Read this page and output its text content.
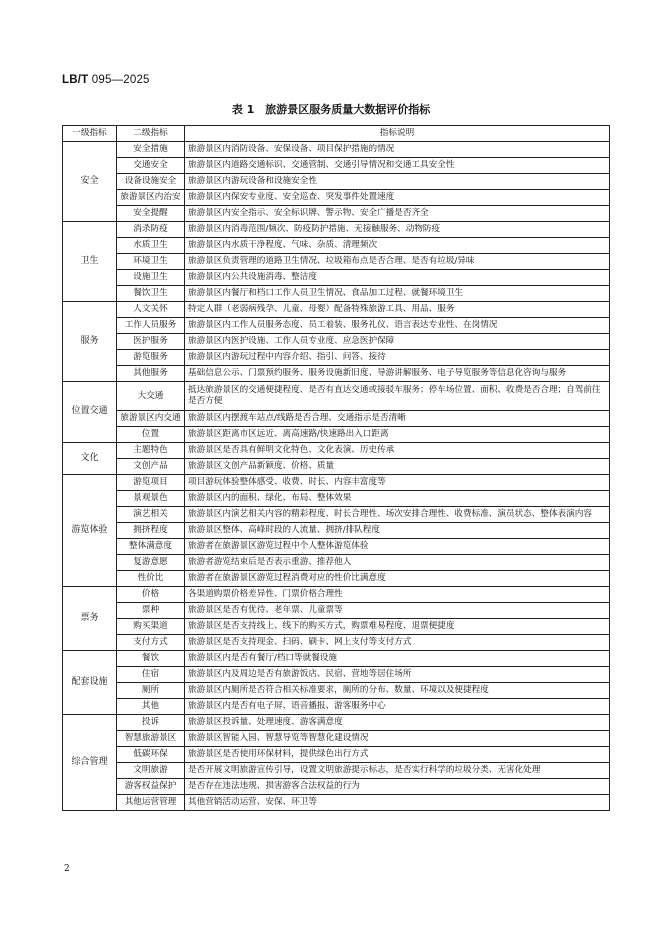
LB/T 095—2025
表 1　旅游景区服务质量大数据评价指标
一级指标	二级指标	指标说明
安全	安全措施	旅游景区内消防设备、安保设备、项目保护措施的情况
	交通安全	旅游景区内道路交通标识、交通管制、交通引导情况和交通工具安全性
	设备设施安全	旅游景区内游玩设备和设施安全性
	旅游景区内治安	旅游景区内保安专业度、安全巡查、突发事件处置速度
	安全提醒	旅游景区内安全指示、安全标识牌、警示物、安全广播是否齐全
卫生	消杀防疫	旅游景区内消毒范围/频次、防疫防护措施、无接触服务、动物防疫
	水质卫生	旅游景区内水质干净程度、气味、杂质、清理频次
	环境卫生	旅游景区负责管理的道路卫生情况、垃圾箱布点是否合理、是否有垃圾/异味
	设施卫生	旅游景区内公共设施消毒、整洁度
	餐饮卫生	旅游景区内餐厅和档口工作人员卫生情况、食品加工过程、就餐环境卫生
服务	人文关怀	特定人群（老弱病残孕、儿童、母婴）配备特殊旅游工具、用品、服务
	工作人员服务	旅游景区内工作人员服务态度、员工着装、服务礼仪、语言表达专业性、在岗情况
	医护服务	旅游景区内医护设施、工作人员专业度、应急医护保障
	游览服务	旅游景区内游玩过程中内容介绍、指引、问答、接待
	其他服务	基础信息公示、门票预约服务、服务设施新旧度、导游讲解服务、电子导览服务等信息化咨询与服务
位置交通	大交通	抵达旅游景区的交通便捷程度、是否有直达交通或接驳车服务；停车场位置、面积、收费是否合理；自驾前往是否方便
	旅游景区内交通	旅游景区内摆渡车站点/线路是否合理、交通指示是否清晰
	位置	旅游景区距离市区远近、离高速路/快速路出入口距离
文化	主题特色	旅游景区是否具有鲜明文化特色、文化表演、历史传承
	文创产品	旅游景区文创产品新颖度、价格、质量
游览体验	游览项目	项目游玩体验整体感受、收费、时长、内容丰富度等
	景观景色	旅游景区内的面积、绿化、布局、整体效果
	演艺相关	旅游景区内演艺相关内容的精彩程度、时长合理性、场次安排合理性、收费标准、演员状态、整体表演内容
	拥挤程度	旅游景区整体、高峰时段的人流量、拥挤/排队程度
	整体满意度	旅游者在旅游景区游览过程中个人整体游览体验
	复游意愿	旅游者游览结束后是否表示重游、推荐他人
	性价比	旅游者在旅游景区游览过程消费对应的性价比满意度
票务	价格	各渠道购票价格差异性、门票价格合理性
	票种	旅游景区是否有优待、老年票、儿童票等
	购买渠道	旅游景区是否支持线上、线下的购买方式，购票难易程度、退票便捷度
	支付方式	旅游景区是否支持现金、扫码、刷卡、网上支付等支付方式
配套设施	餐饮	旅游景区内是否有餐厅/档口等就餐设施
	住宿	旅游景区内及周边是否有旅游饭店、民宿、营地等居住场所
	厕所	旅游景区内厕所是否符合相关标准要求，厕所的分布、数量、环境以及便捷程度
	其他	旅游景区内是否有电子屏、语音播报、游客服务中心
综合管理	投诉	旅游景区投诉量、处理速度、游客满意度
	智慧旅游景区	旅游景区智能入园、智慧导览等智慧化建设情况
	低碳环保	旅游景区是否使用环保材料，提供绿色出行方式
	文明旅游	是否开展文明旅游宣传引导，设置文明旅游提示标志，是否实行科学的垃圾分类、无害化处理
	游客权益保护	是否存在违法违规、损害游客合法权益的行为
	其他运营管理	其他营销活动运营、安保、环卫等
2
